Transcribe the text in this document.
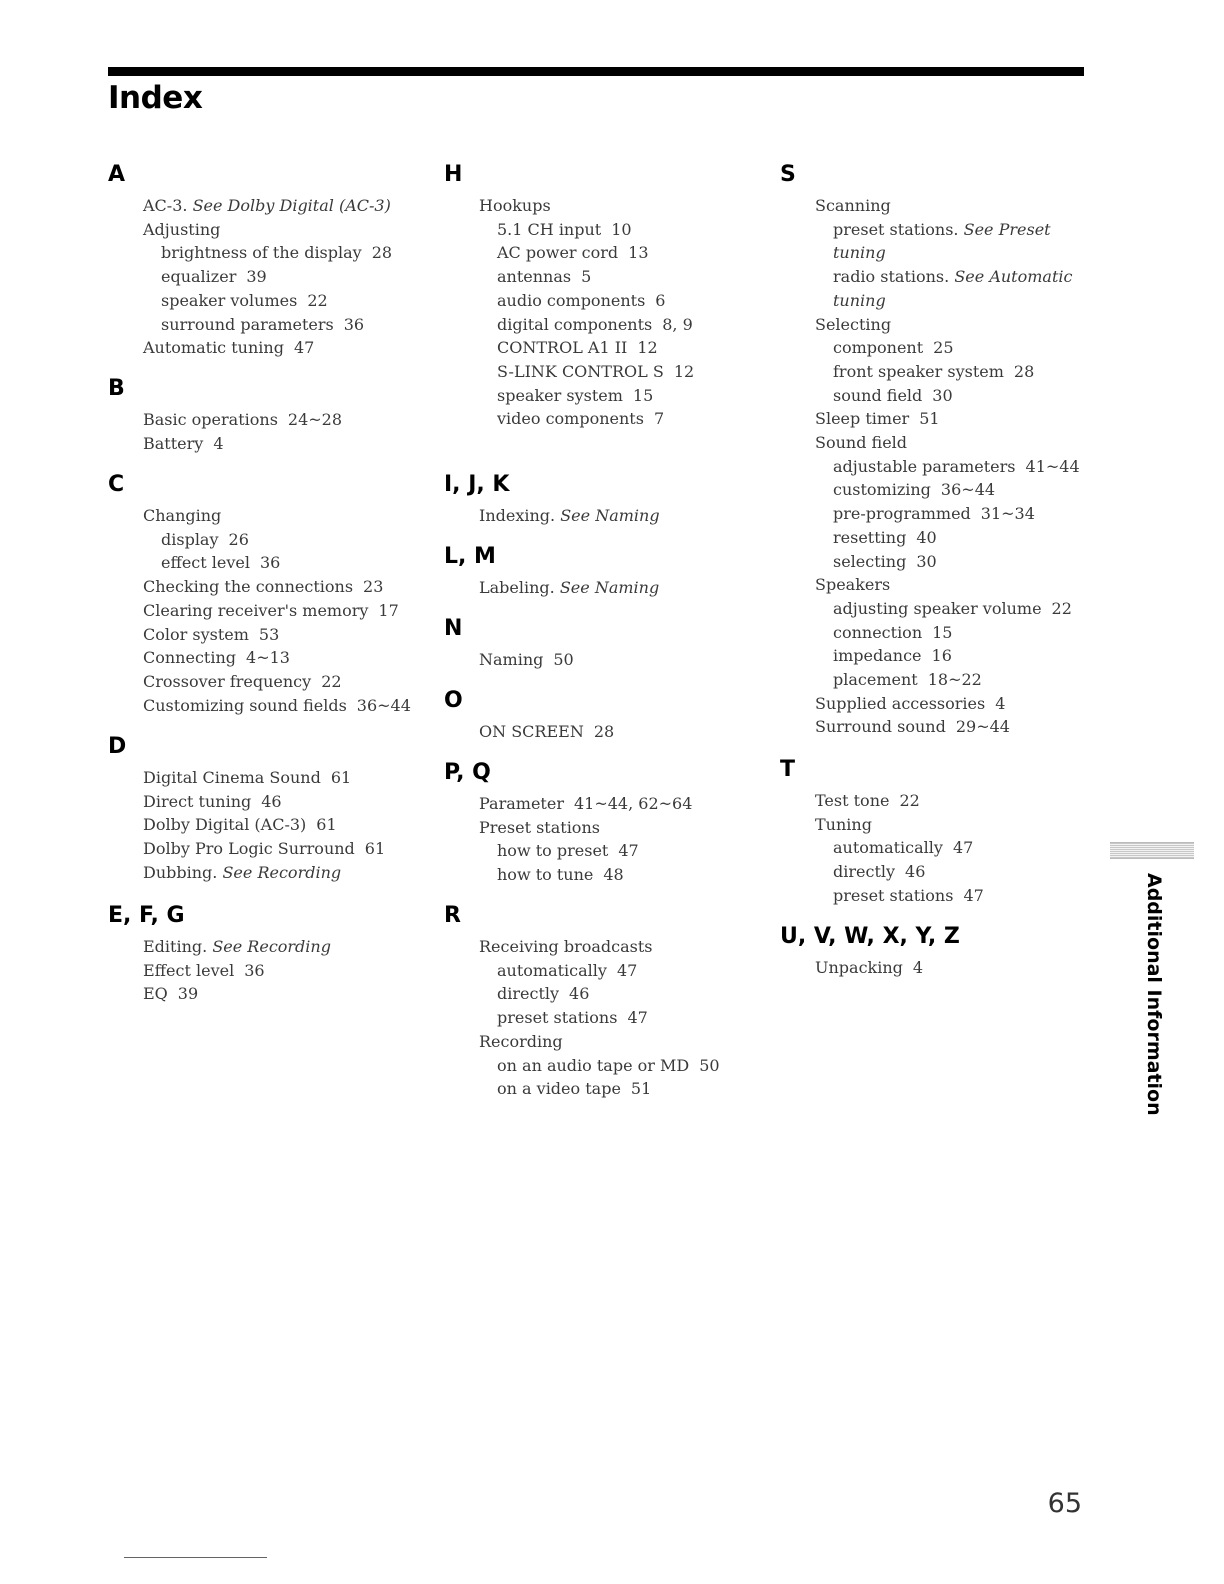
Index
A
AC-3. See Dolby Digital (AC-3)
Adjusting
brightness of the display 28
equalizer 39
speaker volumes 22
surround parameters 36
Automatic tuning 47
B
Basic operations 24~28
Battery 4
C
Changing
display 26
effect level 36
Checking the connections 23
Clearing receiver's memory 17
Color system 53
Connecting 4~13
Crossover frequency 22
Customizing sound fields 36~44
D
Digital Cinema Sound 61
Direct tuning 46
Dolby Digital (AC-3) 61
Dolby Pro Logic Surround 61
Dubbing. See Recording
E, F, G
Editing. See Recording
Effect level 36
EQ 39
H
Hookups
5.1 CH input 10
AC power cord 13
antennas 5
audio components 6
digital components 8, 9
CONTROL A1 II 12
S-LINK CONTROL S 12
speaker system 15
video components 7
I, J, K
Indexing. See Naming
L, M
Labeling. See Naming
N
Naming 50
O
ON SCREEN 28
P, Q
Parameter 41~44, 62~64
Preset stations
how to preset 47
how to tune 48
R
Receiving broadcasts
automatically 47
directly 46
preset stations 47
Recording
on an audio tape or MD 50
on a video tape 51
S
Scanning
preset stations. See Preset
tuning
radio stations. See Automatic
tuning
Selecting
component 25
front speaker system 28
sound field 30
Sleep timer 51
Sound field
adjustable parameters 41~44
customizing 36~44
pre-programmed 31~34
resetting 40
selecting 30
Speakers
adjusting speaker volume 22
connection 15
impedance 16
placement 18~22
Supplied accessories 4
Surround sound 29~44
T
Test tone 22
Tuning
automatically 47
directly 46
preset stations 47
U, V, W, X, Y, Z
Unpacking 4	Additional Information
65
